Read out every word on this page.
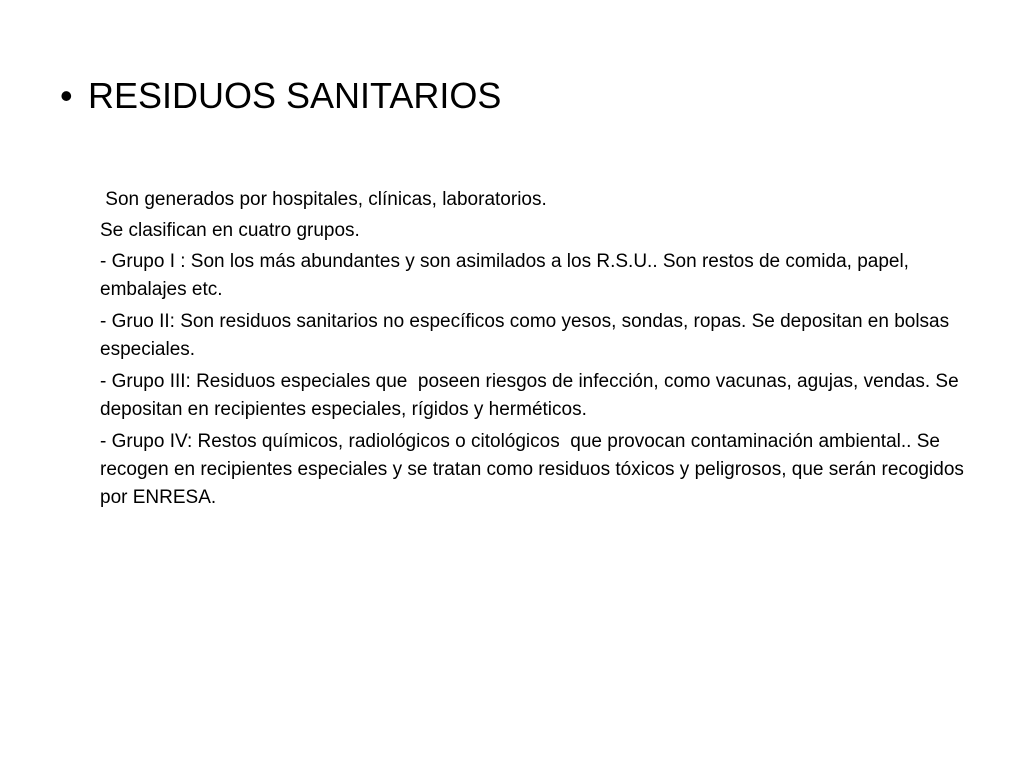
• RESIDUOS SANITARIOS

Son generados por hospitales, clínicas, laboratorios.

Se clasifican en cuatro grupos.

- Grupo I : Son los más abundantes y son asimilados a los R.S.U.. Son restos de comida, papel, embalajes etc.

- Gruo II: Son residuos sanitarios no específicos como yesos, sondas, ropas. Se depositan en bolsas especiales.

- Grupo III: Residuos especiales que  poseen riesgos de infección, como vacunas, agujas, vendas. Se depositan en recipientes especiales, rígidos y herméticos.

- Grupo IV: Restos químicos, radiológicos o citológicos  que provocan contaminación ambiental.. Se recogen en recipientes especiales y se tratan como residuos tóxicos y peligrosos, que serán recogidos por ENRESA.
